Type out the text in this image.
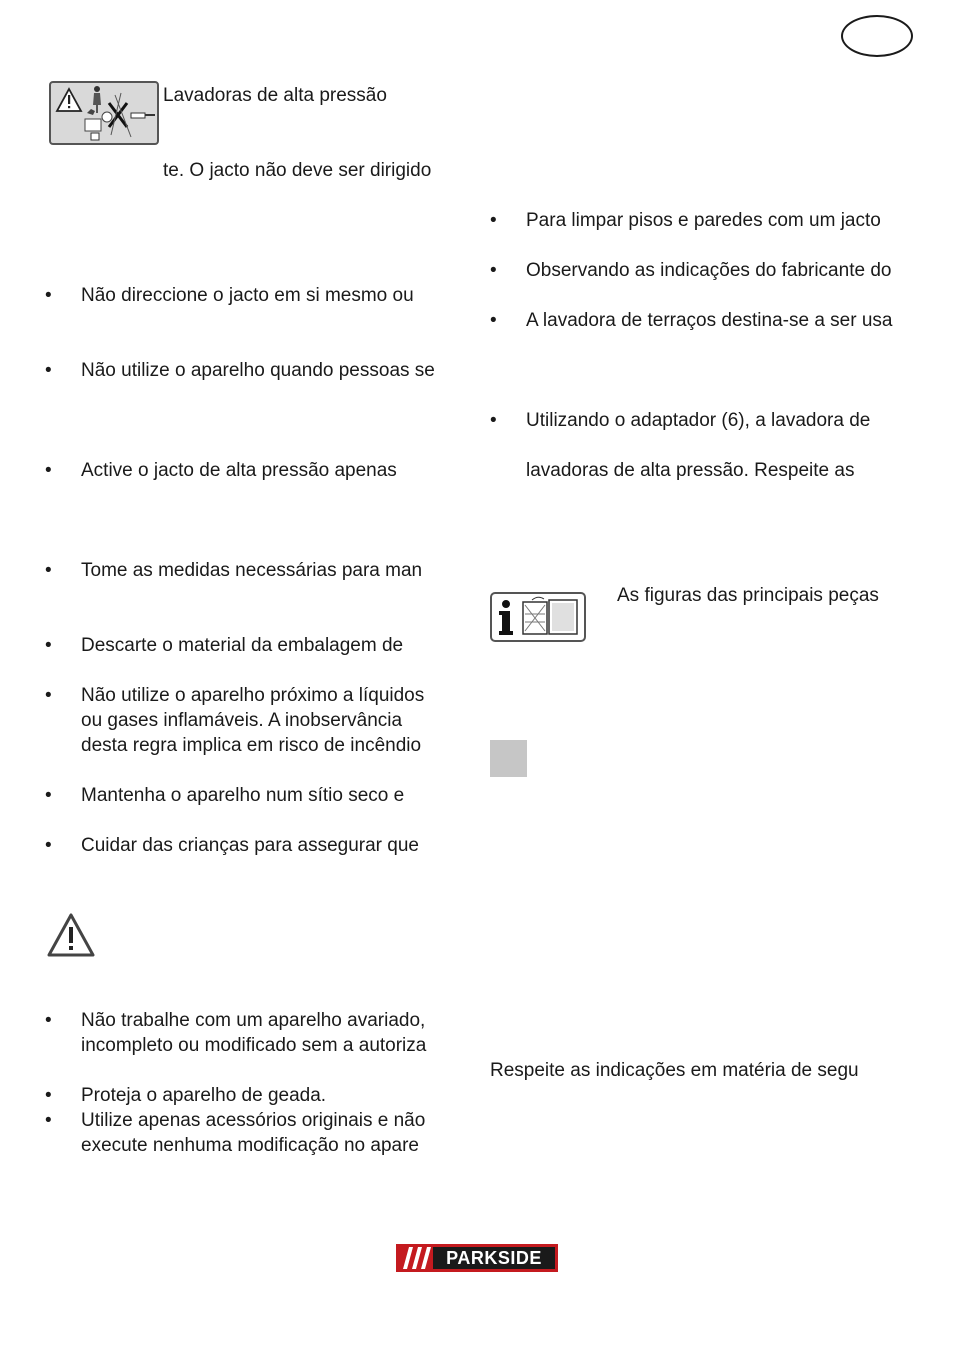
Lavadoras de alta pressão
te. O jacto não deve ser dirigido
• Não direccione o jacto em si mesmo ou
• Não utilize o aparelho quando pessoas se
• Active o jacto de alta pressão apenas
• Tome as medidas necessárias para man
• Descarte o material da embalagem de
• Não utilize o aparelho próximo a líquidos
ou gases inflamáveis. A inobservância
desta regra implica em risco de incêndio
• Mantenha o aparelho num sítio seco e
• Cuidar das crianças para assegurar que
• Não trabalhe com um aparelho avariado,
incompleto ou modificado sem a autoriza
• Proteja o aparelho de geada.
• Utilize apenas acessórios originais e não
execute nenhuma modificação no apare
• Para limpar pisos e paredes com um jacto
• Observando as indicações do fabricante do
• A lavadora de terraços destina-se a ser usa
• Utilizando o adaptador (6), a lavadora de
lavadoras de alta pressão. Respeite as
As figuras das principais peças
Respeite as indicações em matéria de segu
PARKSIDE
